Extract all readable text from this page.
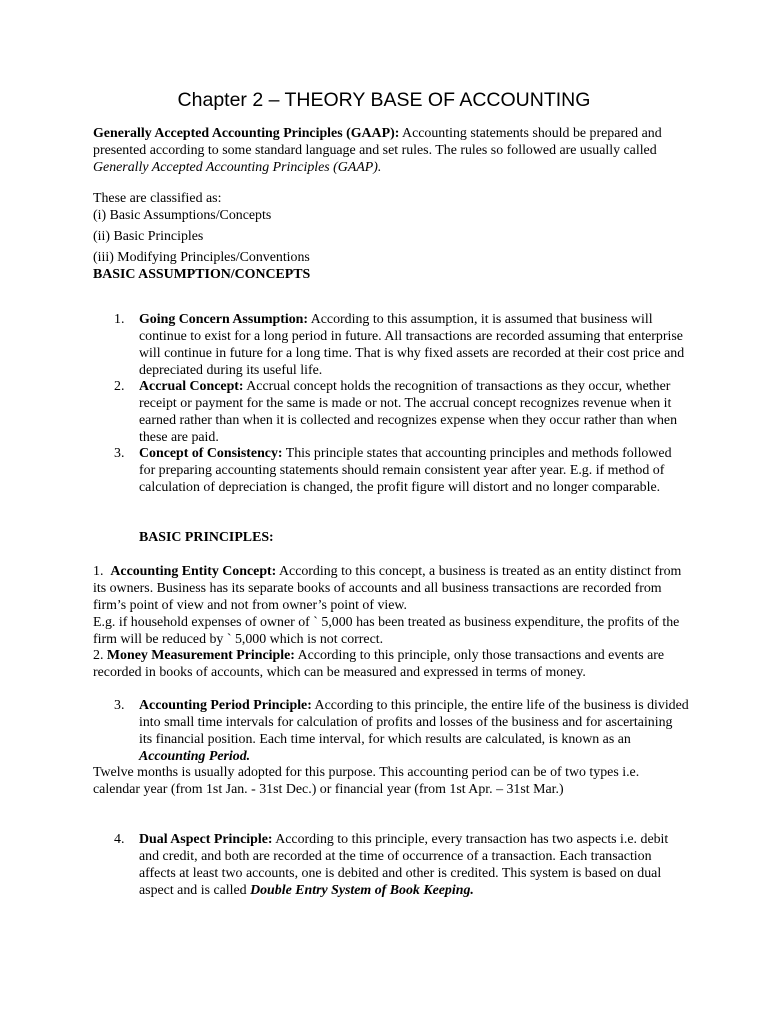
Chapter 2 – THEORY BASE OF ACCOUNTING

Generally Accepted Accounting Principles (GAAP): Accounting statements should be prepared and presented according to some standard language and set rules. The rules so followed are usually called Generally Accepted Accounting Principles (GAAP).

These are classified as:

(i) Basic Assumptions/Concepts

(ii) Basic Principles

(iii) Modifying Principles/Conventions

BASIC ASSUMPTION/CONCEPTS

1. Going Concern Assumption: According to this assumption, it is assumed that business will continue to exist for a long period in future. All transactions are recorded assuming that enterprise will continue in future for a long time. That is why fixed assets are recorded at their cost price and depreciated during its useful life.
2. Accrual Concept: Accrual concept holds the recognition of transactions as they occur, whether receipt or payment for the same is made or not. The accrual concept recognizes revenue when it earned rather than when it is collected and recognizes expense when they occur rather than when these are paid.
3. Concept of Consistency: This principle states that accounting principles and methods followed for preparing accounting statements should remain consistent year after year. E.g. if method of calculation of depreciation is changed, the profit figure will distort and no longer comparable.

BASIC PRINCIPLES:

1. Accounting Entity Concept: According to this concept, a business is treated as an entity distinct from its owners. Business has its separate books of accounts and all business transactions are recorded from firm’s point of view and not from owner’s point of view.
E.g. if household expenses of owner of ` 5,000 has been treated as business expenditure, the profits of the firm will be reduced by ` 5,000 which is not correct.

2. Money Measurement Principle: According to this principle, only those transactions and events are recorded in books of accounts, which can be measured and expressed in terms of money.

3. Accounting Period Principle: According to this principle, the entire life of the business is divided into small time intervals for calculation of profits and losses of the business and for ascertaining its financial position. Each time interval, for which results are calculated, is known as an Accounting Period.

Twelve months is usually adopted for this purpose. This accounting period can be of two types i.e. calendar year (from 1st Jan. - 31st Dec.) or financial year (from 1st Apr. – 31st Mar.)

4. Dual Aspect Principle: According to this principle, every transaction has two aspects i.e. debit and credit, and both are recorded at the time of occurrence of a transaction. Each transaction affects at least two accounts, one is debited and other is credited. This system is based on dual aspect and is called Double Entry System of Book Keeping.
